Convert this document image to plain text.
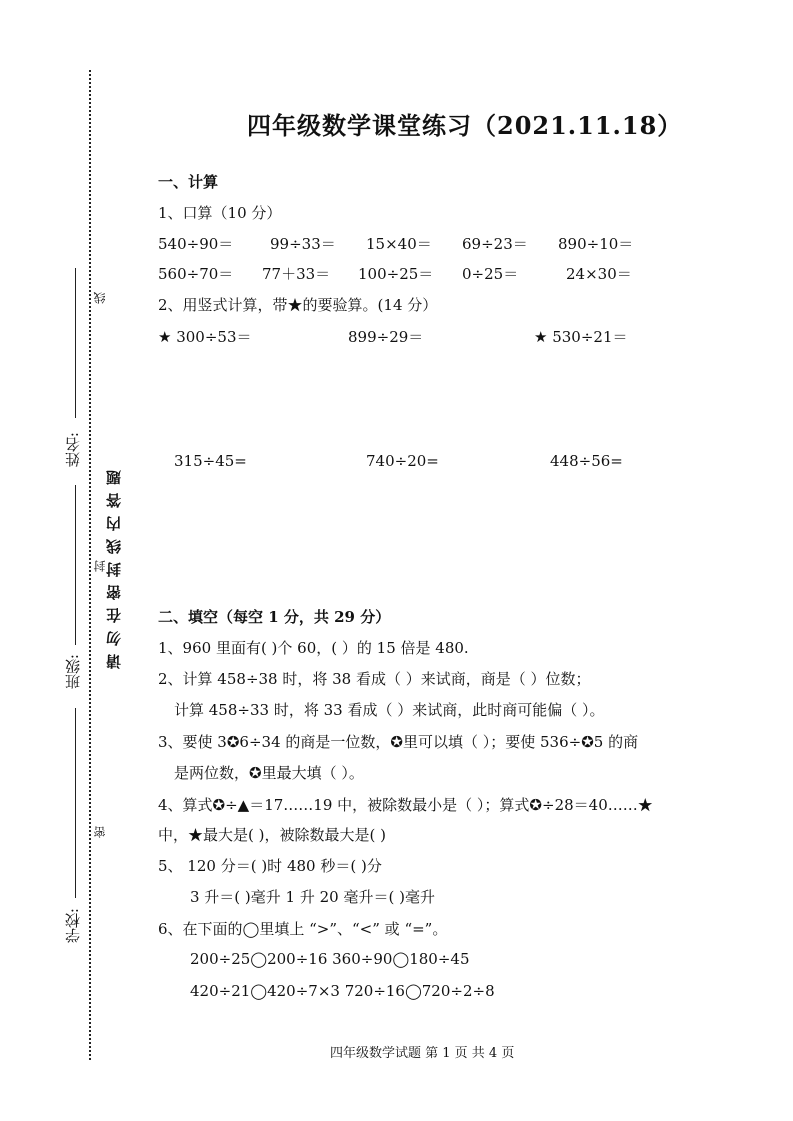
姓名:
班级:
学校:
请勿在密封线内答题
线
封
密
四年级数学课堂练习（2021.11.18）
一、计算
1、口算（10 分）
540÷90＝ 99÷33＝ 15×40＝ 69÷23＝ 890÷10＝
560÷70＝ 77＋33＝ 100÷25＝ 0÷25＝	24×30＝
2、用竖式计算，带★的要验算。(14 分）
★ 300÷53＝	899÷29＝	★ 530÷21＝
315÷45=	740÷20=	448÷56=
二、填空（每空 1 分，共 29 分）
1、960 里面有( )个 60，( ）的 15 倍是 480.
2、计算 458÷38 时，将 38 看成（ ）来试商，商是（ ）位数；
计算 458÷33 时，将 33 看成（ ）来试商，此时商可能偏（ ）。
3、要使 3✪6÷34 的商是一位数，✪里可以填（ ）；要使 536÷✪5 的商
是两位数，✪里最大填（ ）。
4、算式✪÷▲＝17……19 中，被除数最小是（ ）；算式✪÷28＝40……★
中，★最大是( )，被除数最大是( )
5、 120 分＝( )时 480 秒＝( )分
3 升＝( )毫升 1 升 20 毫升＝( )毫升
6、在下面的◯里填上 “>”、“<” 或 “=”。
200÷25◯200÷16 360÷90◯180÷45
420÷21◯420÷7×3 720÷16◯720÷2÷8
四年级数学试题 第 1 页 共 4 页
